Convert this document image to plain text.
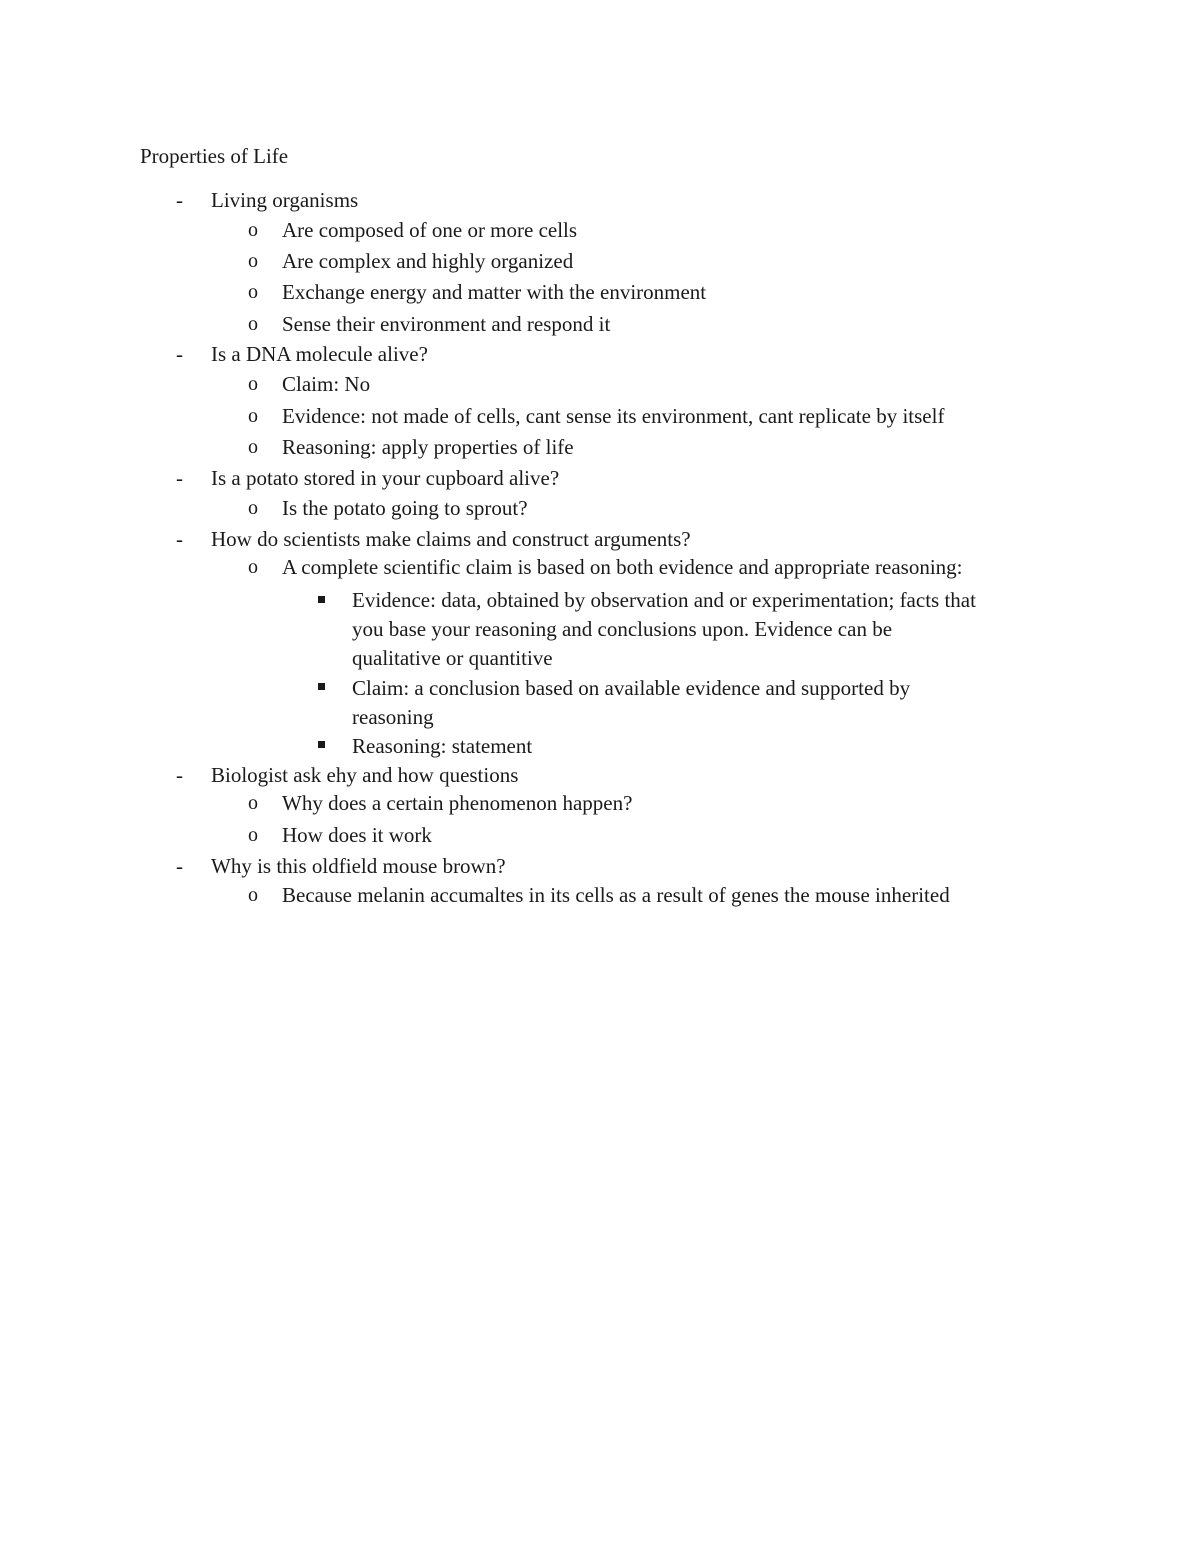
Properties of Life
- Living organisms
o Are composed of one or more cells
o Are complex and highly organized
o Exchange energy and matter with the environment
o Sense their environment and respond it
- Is a DNA molecule alive?
o Claim: No
o Evidence: not made of cells, cant sense its environment, cant replicate by itself
o Reasoning: apply properties of life
- Is a potato stored in your cupboard alive?
o Is the potato going to sprout?
- How do scientists make claims and construct arguments?
o A complete scientific claim is based on both evidence and appropriate reasoning:
Evidence: data, obtained by observation and or experimentation; facts that
you base your reasoning and conclusions upon. Evidence can be
qualitative or quantitive
Claim: a conclusion based on available evidence and supported by
reasoning
Reasoning: statement
- Biologist ask ehy and how questions
o Why does a certain phenomenon happen?
o How does it work
- Why is this oldfield mouse brown?
o Because melanin accumaltes in its cells as a result of genes the mouse inherited
